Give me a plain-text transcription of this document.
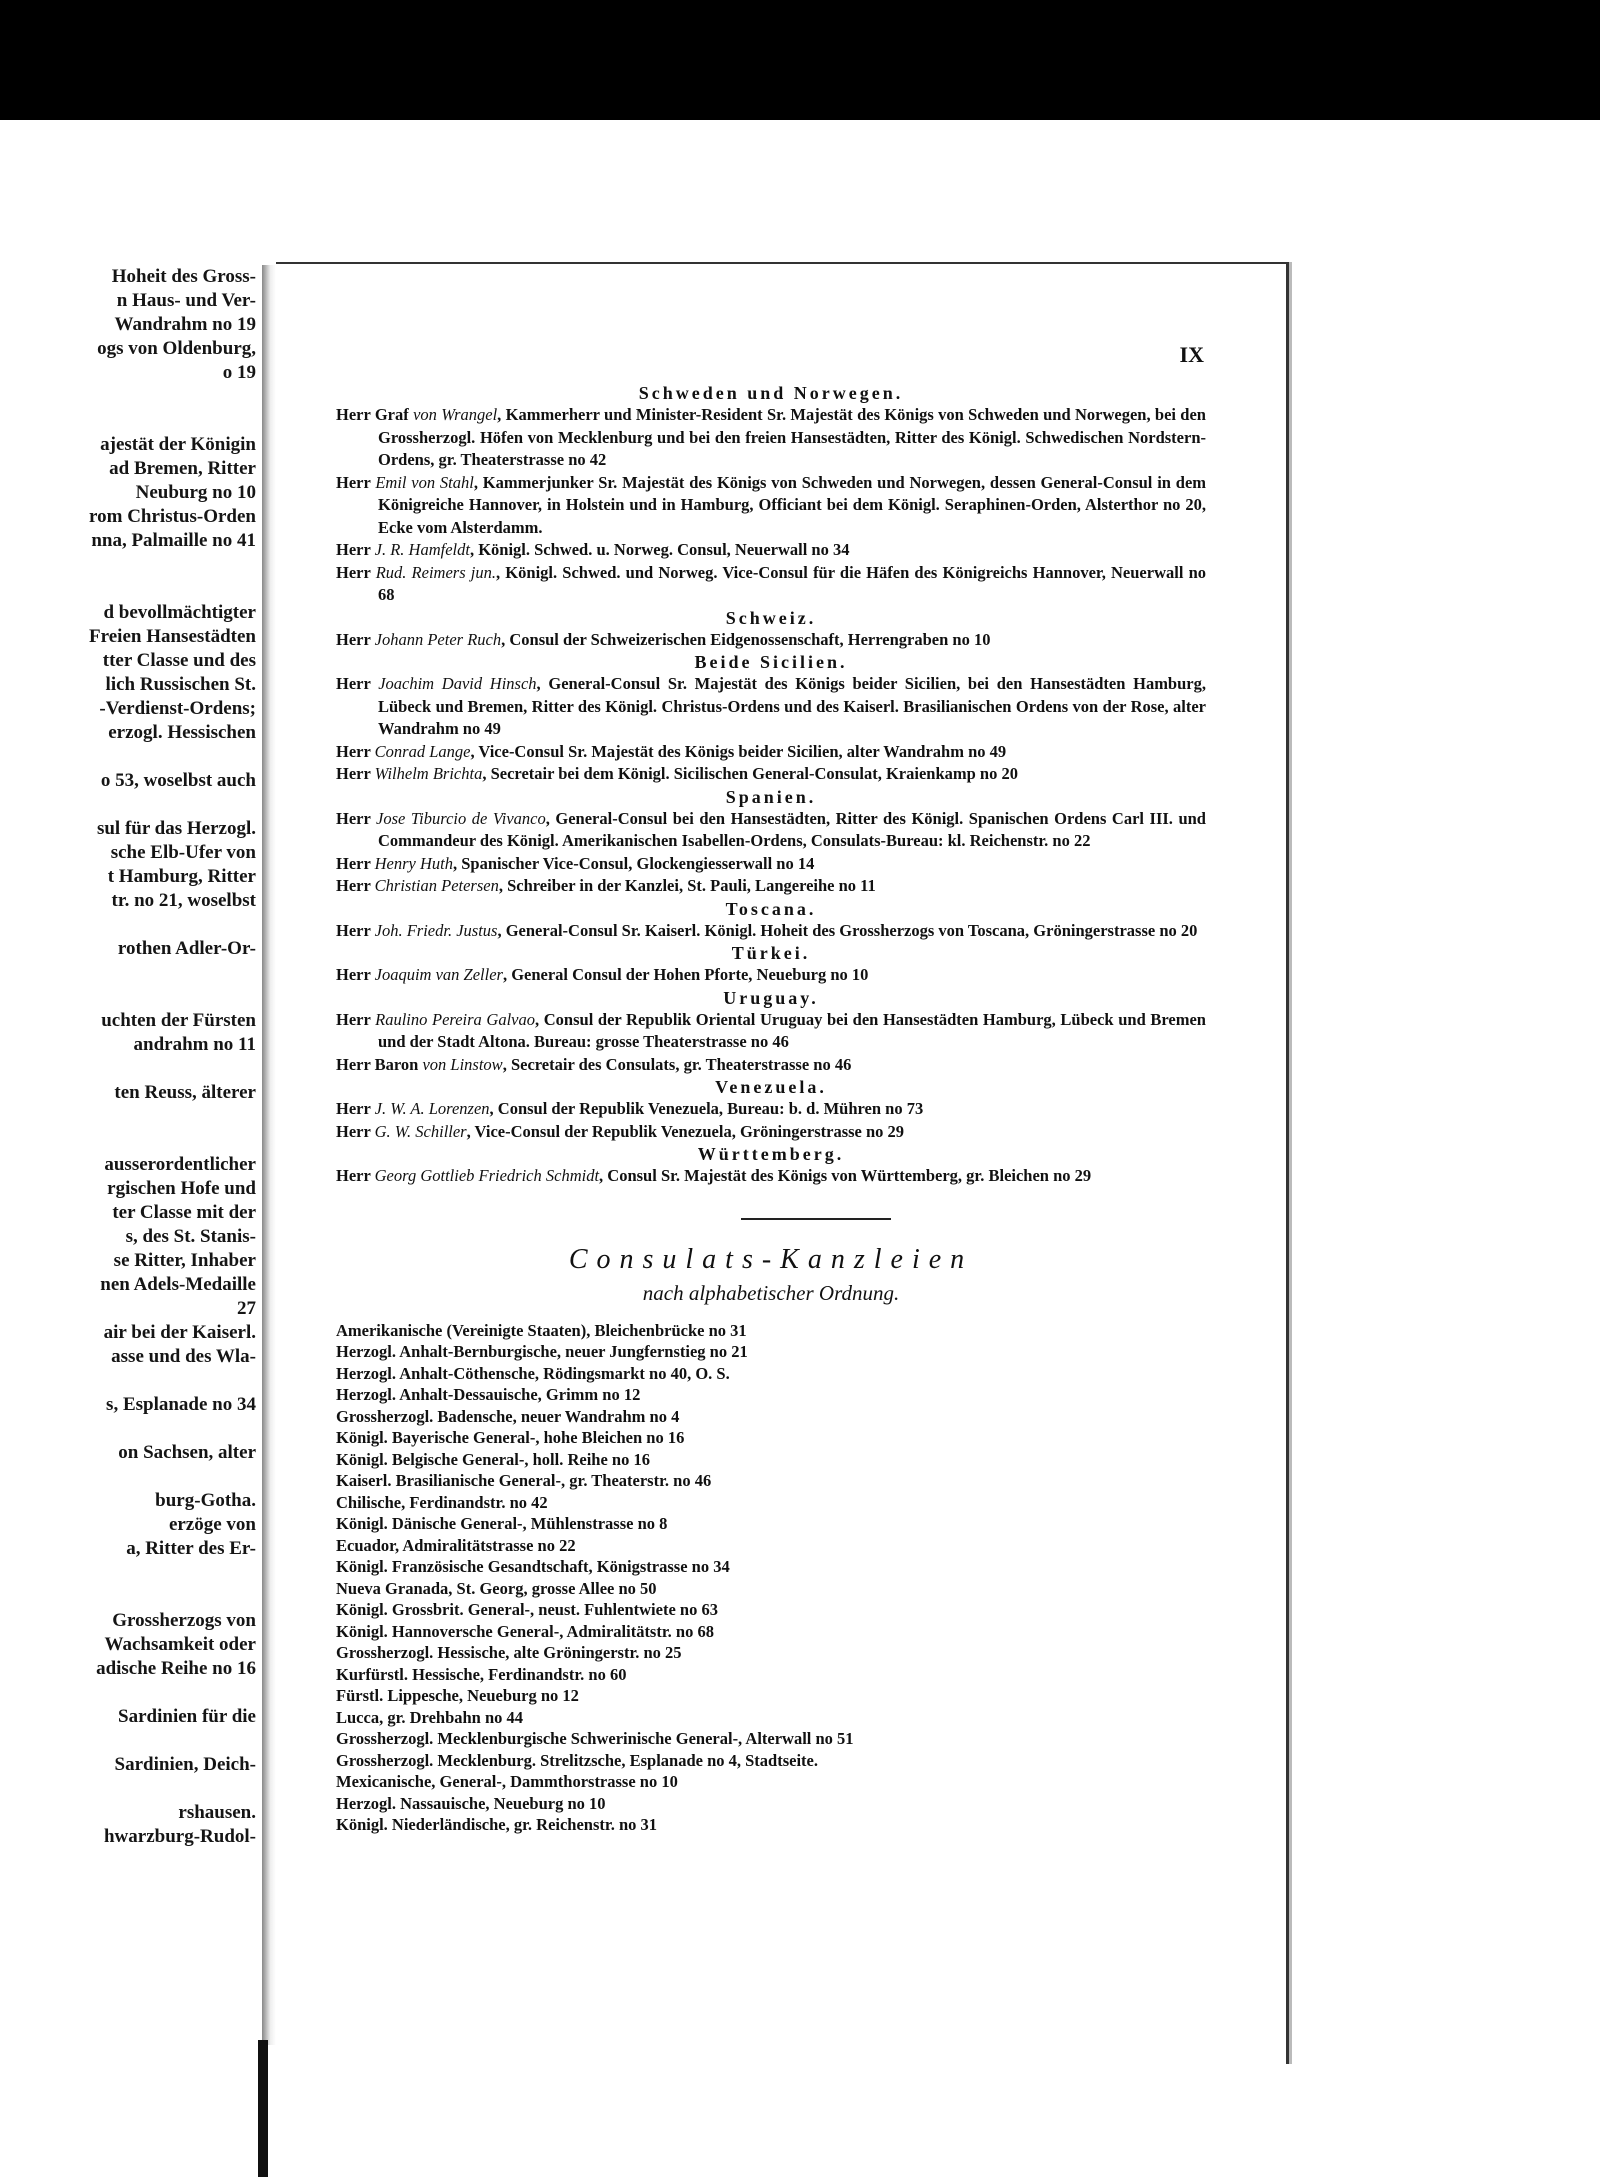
Hoheit des Gross-
n Haus- und Ver-
Wandrahm no 19
ogs von Oldenburg,
o 19
ajestät der Königin
ad Bremen, Ritter
Neuburg no 10
rom Christus-Orden
nna, Palmaille no 41
d bevollmächtigter
Freien Hansestädten
tter Classe und des
lich Russischen St.
-Verdienst-Ordens;
erzogl. Hessischen
o 53, woselbst auch
sul für das Herzogl.
sche Elb-Ufer von
t Hamburg, Ritter
tr. no 21, woselbst
rothen Adler-Or-
uchten der Fürsten
andrahm no 11
ten Reuss, älterer
ausserordentlicher
rgischen Hofe und
ter Classe mit der
s, des St. Stanis-
se Ritter, Inhaber
nen Adels-Medaille
27
air bei der Kaiserl.
asse und des Wla-
s, Esplanade no 34
on Sachsen, alter
burg-Gotha.
erzöge von
a, Ritter des Er-
Grossherzogs von
Wachsamkeit oder
adische Reihe no 16
Sardinien für die
Sardinien, Deich-
rshausen.
hwarzburg-Rudol-
IX
Schweden und Norwegen.
Herr Graf von Wrangel, Kammerherr und Minister-Resident Sr. Majestät des Königs von Schweden und Norwegen, bei den Grossherzogl. Höfen von Mecklenburg und bei den freien Hansestädten, Ritter des Königl. Schwedischen Nordstern-Ordens, gr. Theaterstrasse no 42
Herr Emil von Stahl, Kammerjunker Sr. Majestät des Königs von Schweden und Norwegen, dessen General-Consul in dem Königreiche Hannover, in Holstein und in Hamburg, Officiant bei dem Königl. Seraphinen-Orden, Alsterthor no 20, Ecke vom Alsterdamm.
Herr J. R. Hamfeldt, Königl. Schwed. u. Norweg. Consul, Neuerwall no 34
Herr Rud. Reimers jun., Königl. Schwed. und Norweg. Vice-Consul für die Häfen des Königreichs Hannover, Neuerwall no 68
Schweiz.
Herr Johann Peter Ruch, Consul der Schweizerischen Eidgenossenschaft, Herrengraben no 10
Beide Sicilien.
Herr Joachim David Hinsch, General-Consul Sr. Majestät des Königs beider Sicilien, bei den Hansestädten Hamburg, Lübeck und Bremen, Ritter des Königl. Christus-Ordens und des Kaiserl. Brasilianischen Ordens von der Rose, alter Wandrahm no 49
Herr Conrad Lange, Vice-Consul Sr. Majestät des Königs beider Sicilien, alter Wandrahm no 49
Herr Wilhelm Brichta, Secretair bei dem Königl. Sicilischen General-Consulat, Kraienkamp no 20
Spanien.
Herr Jose Tiburcio de Vivanco, General-Consul bei den Hansestädten, Ritter des Königl. Spanischen Ordens Carl III. und Commandeur des Königl. Amerikanischen Isabellen-Ordens, Consulats-Bureau: kl. Reichenstr. no 22
Herr Henry Huth, Spanischer Vice-Consul, Glockengiesserwall no 14
Herr Christian Petersen, Schreiber in der Kanzlei, St. Pauli, Langereihe no 11
Toscana.
Herr Joh. Friedr. Justus, General-Consul Sr. Kaiserl. Königl. Hoheit des Grossherzogs von Toscana, Gröningerstrasse no 20
Türkei.
Herr Joaquim van Zeller, General Consul der Hohen Pforte, Neueburg no 10
Uruguay.
Herr Raulino Pereira Galvao, Consul der Republik Oriental Uruguay bei den Hansestädten Hamburg, Lübeck und Bremen und der Stadt Altona. Bureau: grosse Theaterstrasse no 46
Herr Baron von Linstow, Secretair des Consulats, gr. Theaterstrasse no 46
Venezuela.
Herr J. W. A. Lorenzen, Consul der Republik Venezuela, Bureau: b. d. Mühren no 73
Herr G. W. Schiller, Vice-Consul der Republik Venezuela, Gröningerstrasse no 29
Württemberg.
Herr Georg Gottlieb Friedrich Schmidt, Consul Sr. Majestät des Königs von Württemberg, gr. Bleichen no 29
Consulats-Kanzleien
nach alphabetischer Ordnung.
Amerikanische (Vereinigte Staaten), Bleichenbrücke no 31
Herzogl. Anhalt-Bernburgische, neuer Jungfernstieg no 21
Herzogl. Anhalt-Cöthensche, Rödingsmarkt no 40, O. S.
Herzogl. Anhalt-Dessauische, Grimm no 12
Grossherzogl. Badensche, neuer Wandrahm no 4
Königl. Bayerische General-, hohe Bleichen no 16
Königl. Belgische General-, holl. Reihe no 16
Kaiserl. Brasilianische General-, gr. Theaterstr. no 46
Chilische, Ferdinandstr. no 42
Königl. Dänische General-, Mühlenstrasse no 8
Ecuador, Admiralitätstrasse no 22
Königl. Französische Gesandtschaft, Königstrasse no 34
Nueva Granada, St. Georg, grosse Allee no 50
Königl. Grossbrit. General-, neust. Fuhlentwiete no 63
Königl. Hannoversche General-, Admiralitätstr. no 68
Grossherzogl. Hessische, alte Gröningerstr. no 25
Kurfürstl. Hessische, Ferdinandstr. no 60
Fürstl. Lippesche, Neueburg no 12
Lucca, gr. Drehbahn no 44
Grossherzogl. Mecklenburgische Schwerinische General-, Alterwall no 51
Grossherzogl. Mecklenburg. Strelitzsche, Esplanade no 4, Stadtseite.
Mexicanische, General-, Dammthorstrasse no 10
Herzogl. Nassauische, Neueburg no 10
Königl. Niederländische, gr. Reichenstr. no 31
